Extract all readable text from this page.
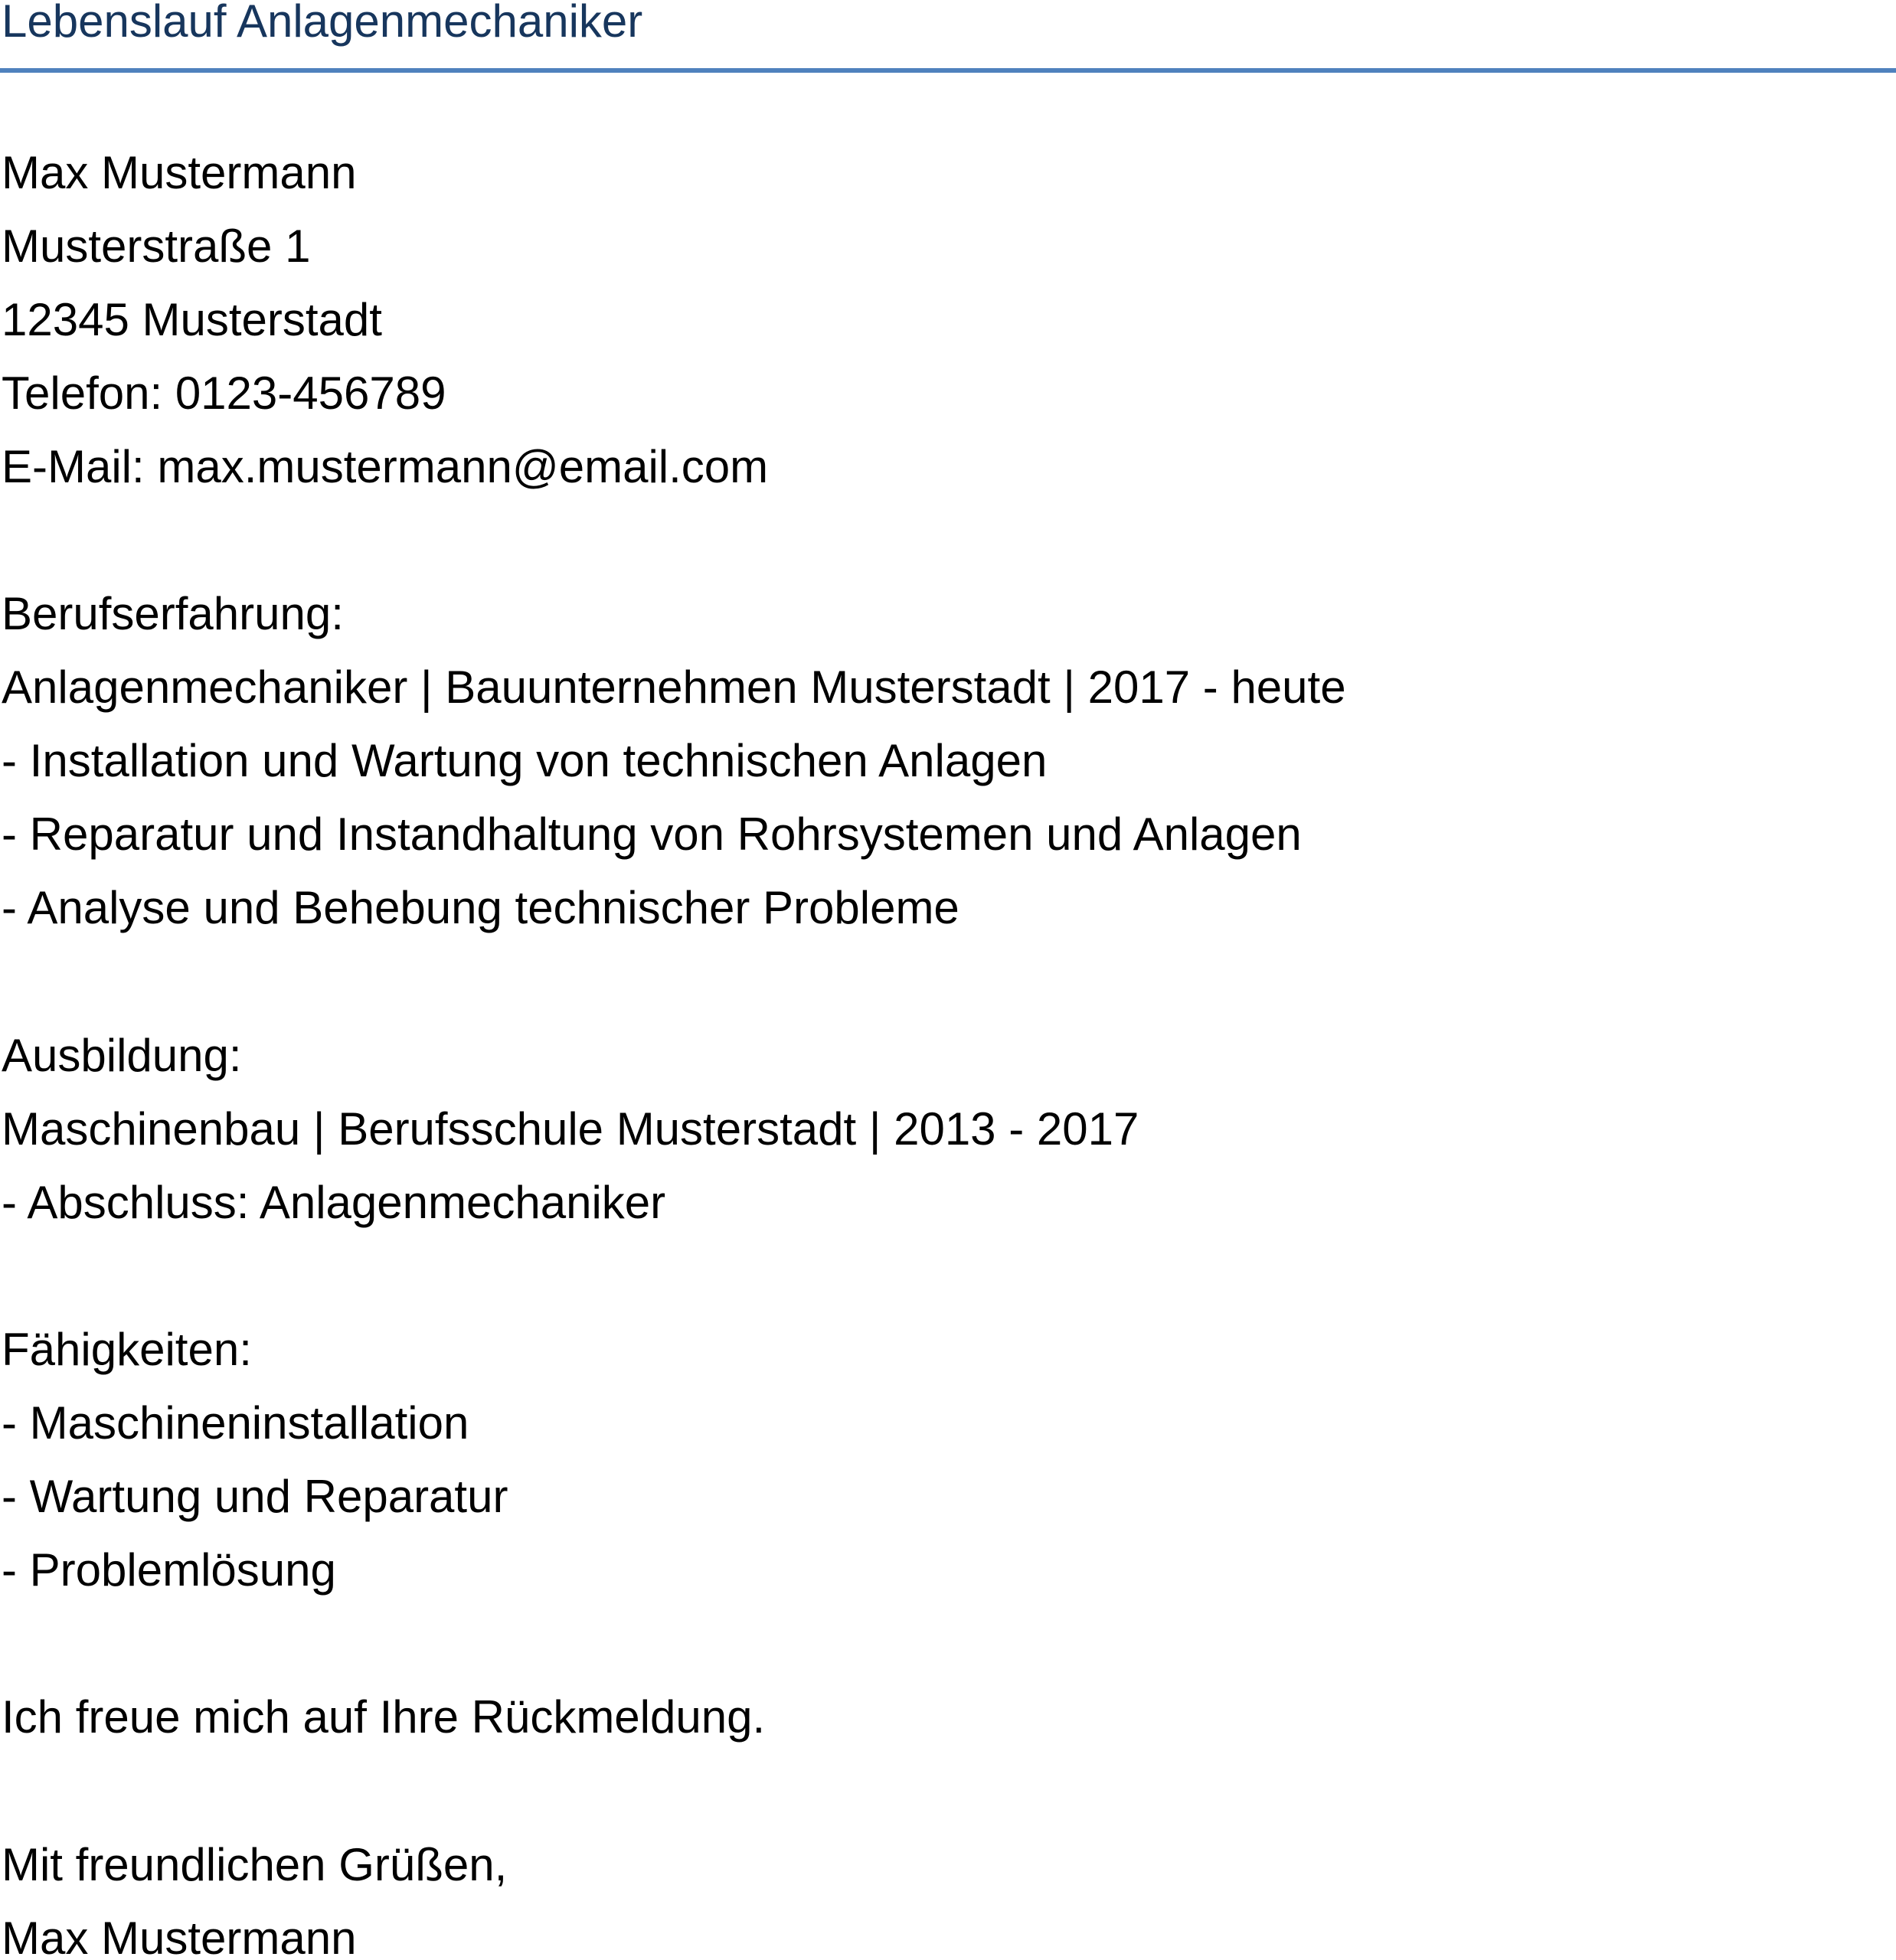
Lebenslauf Anlagenmechaniker
Max Mustermann
Musterstraße 1
12345 Musterstadt
Telefon: 0123-456789
E-Mail: max.mustermann@email.com
Berufserfahrung:
Anlagenmechaniker | Bauunternehmen Musterstadt | 2017 - heute
- Installation und Wartung von technischen Anlagen
- Reparatur und Instandhaltung von Rohrsystemen und Anlagen
- Analyse und Behebung technischer Probleme
Ausbildung:
Maschinenbau | Berufsschule Musterstadt | 2013 - 2017
- Abschluss: Anlagenmechaniker
Fähigkeiten:
- Maschineninstallation
- Wartung und Reparatur
- Problemlösung
Ich freue mich auf Ihre Rückmeldung.
Mit freundlichen Grüßen,
Max Mustermann
